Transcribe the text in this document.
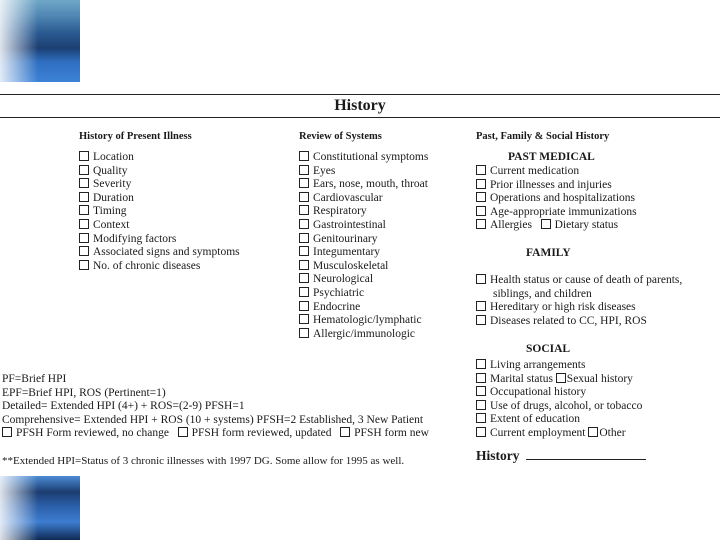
History
History of Present Illness
Location
Quality
Severity
Duration
Timing
Context
Modifying factors
Associated signs and symptoms
No. of chronic diseases
Review of Systems
Constitutional symptoms
Eyes
Ears, nose, mouth, throat
Cardiovascular
Respiratory
Gastrointestinal
Genitourinary
Integumentary
Musculoskeletal
Neurological
Psychiatric
Endocrine
Hematologic/lymphatic
Allergic/immunologic
Past, Family & Social History
PAST MEDICAL
Current medication
Prior illnesses and injuries
Operations and hospitalizations
Age-appropriate immunizations
Allergies Dietary status
FAMILY
Health status or cause of death of parents,
siblings, and children
Hereditary or high risk diseases
Diseases related to CC, HPI, ROS
SOCIAL
Living arrangements
Marital status Sexual history
Occupational history
Use of drugs, alcohol, or tobacco
Extent of education
Current employment Other
History
PF=Brief HPI
EPF=Brief HPI, ROS (Pertinent=1)
Detailed= Extended HPI (4+) + ROS=(2-9) PFSH=1
Comprehensive= Extended HPI + ROS (10 + systems) PFSH=2 Established, 3 New Patient
PFSH Form reviewed, no change PFSH form reviewed, updated PFSH form new
**Extended HPI=Status of 3 chronic illnesses with 1997 DG. Some allow for 1995 as well.
